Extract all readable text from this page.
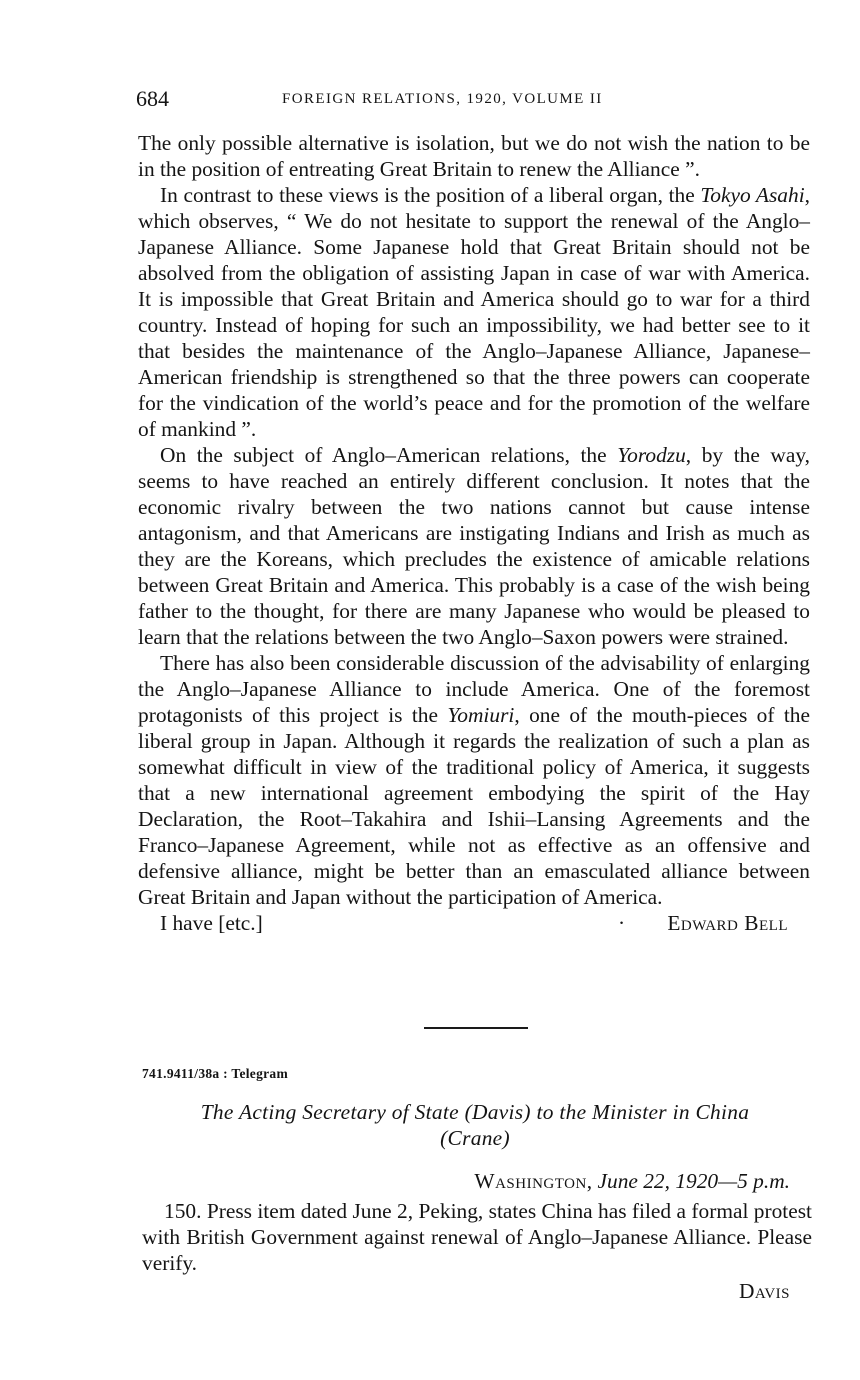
684	FOREIGN RELATIONS, 1920, VOLUME II

The only possible alternative is isolation, but we do not wish the nation to be in the position of entreating Great Britain to renew the Alliance ”.

In contrast to these views is the position of a liberal organ, the Tokyo Asahi, which observes, “ We do not hesitate to support the renewal of the Anglo–Japanese Alliance. Some Japanese hold that Great Britain should not be absolved from the obligation of assisting Japan in case of war with America. It is impossible that Great Britain and America should go to war for a third country. Instead of hoping for such an impossibility, we had better see to it that besides the maintenance of the Anglo–Japanese Alliance, Japanese–American friendship is strengthened so that the three powers can cooperate for the vindication of the world’s peace and for the promotion of the welfare of mankind ”.

On the subject of Anglo–American relations, the Yorodzu, by the way, seems to have reached an entirely different conclusion. It notes that the economic rivalry between the two nations cannot but cause intense antagonism, and that Americans are instigating Indians and Irish as much as they are the Koreans, which precludes the existence of amicable relations between Great Britain and America. This probably is a case of the wish being father to the thought, for there are many Japanese who would be pleased to learn that the relations between the two Anglo–Saxon powers were strained.

There has also been considerable discussion of the advisability of enlarging the Anglo–Japanese Alliance to include America. One of the foremost protagonists of this project is the Yomiuri, one of the mouth-pieces of the liberal group in Japan. Although it regards the realization of such a plan as somewhat difficult in view of the traditional policy of America, it suggests that a new international agreement embodying the spirit of the Hay Declaration, the Root–Takahira and Ishii–Lansing Agreements and the Franco–Japanese Agreement, while not as effective as an offensive and defensive alliance, might be better than an emasculated alliance between Great Britain and Japan without the participation of America.

I have [etc.]	· Edward Bell
741.9411/38a : Telegram
The Acting Secretary of State (Davis) to the Minister in China
(Crane)
Washington, June 22, 1920—5 p.m.
150. Press item dated June 2, Peking, states China has filed a formal protest with British Government against renewal of Anglo–Japanese Alliance. Please verify.
Davis
